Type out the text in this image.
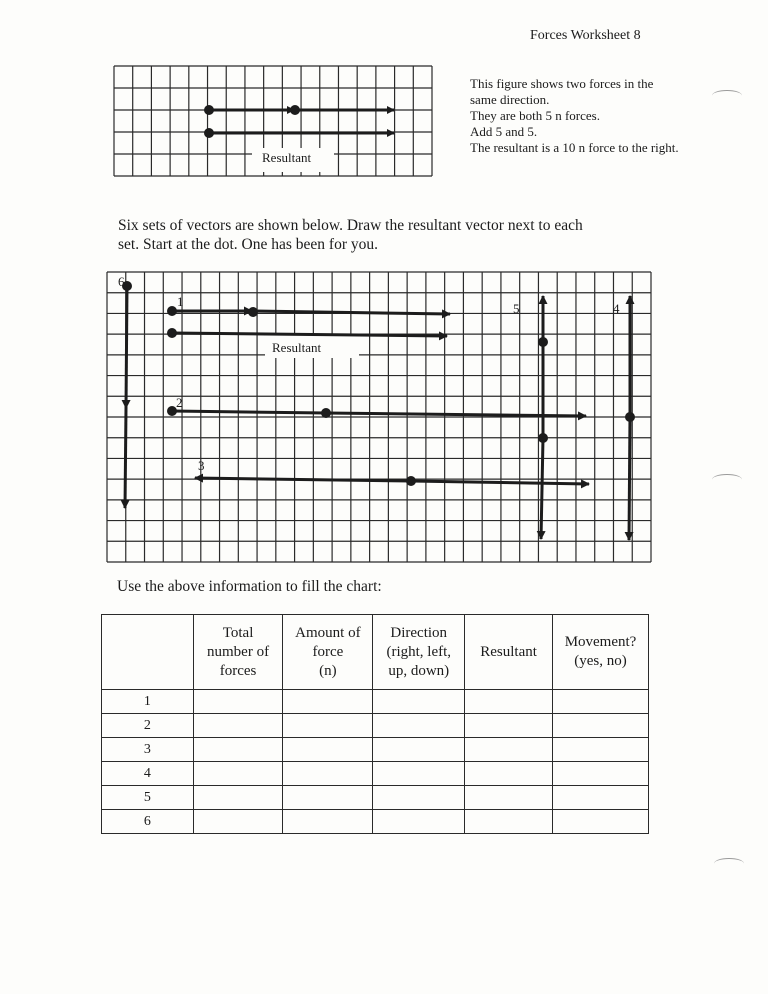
Forces Worksheet 8
Resultant
This figure shows two forces in the
same direction.
They are both 5 n forces.
Add 5 and 5.
The resultant is a 10 n force to the right.
Six sets of vectors are shown below. Draw the resultant vector next to each
set. Start at the dot. One has been for you.
Resultant
1
2
3
5	4
6
Use the above information to fill the chart:
	Total
number of
forces	Amount of
force
(n)	Direction
(right, left,
up, down)	Resultant	Movement?
(yes, no)
1					
2					
3					
4					
5					
6					
